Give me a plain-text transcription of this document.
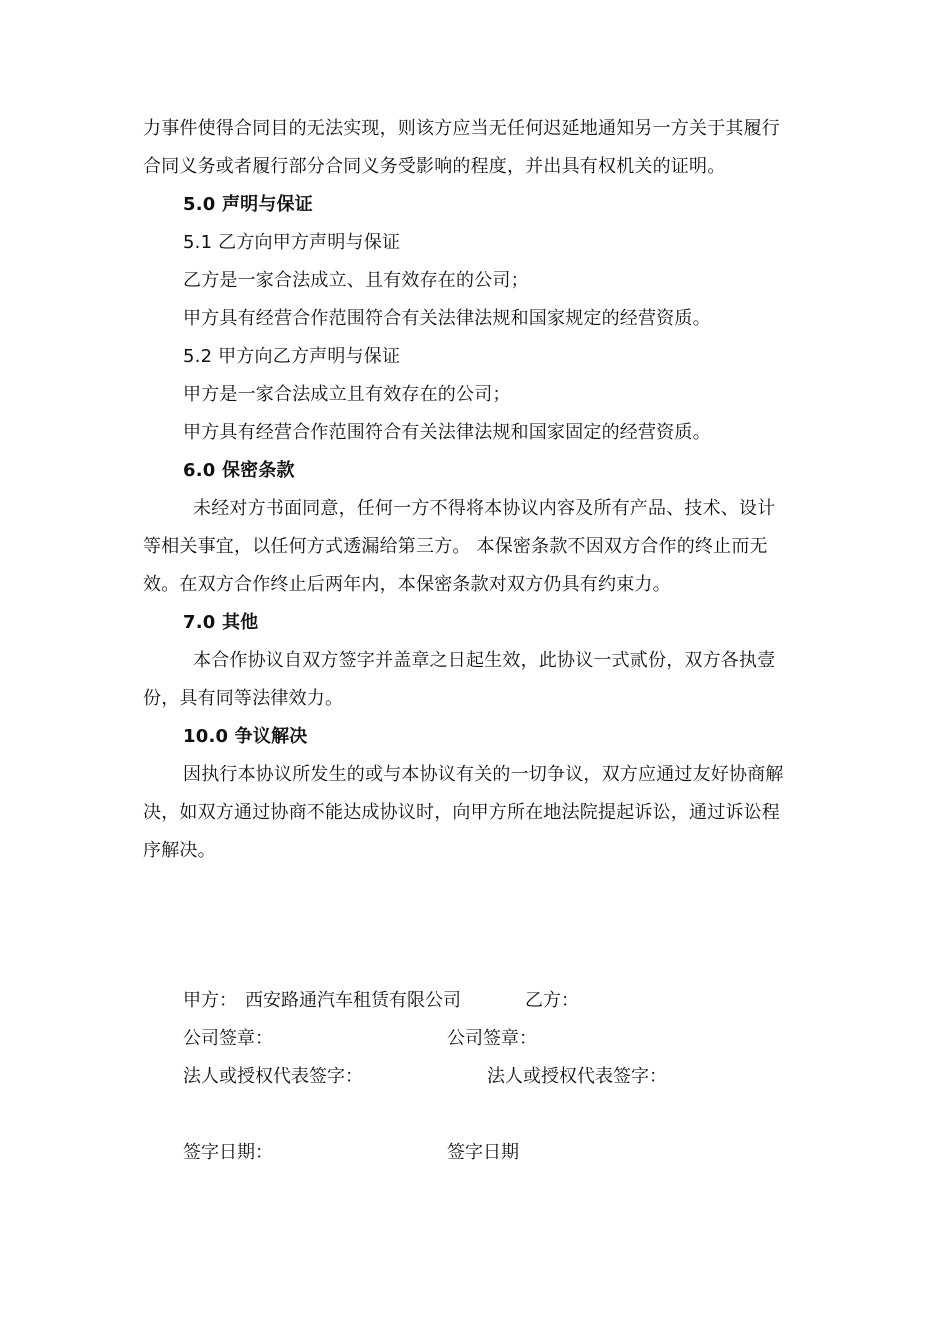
力事件使得合同目的无法实现，则该方应当无任何迟延地通知另一方关于其履行
合同义务或者履行部分合同义务受影响的程度，并出具有权机关的证明。
5.0 声明与保证
5.1 乙方向甲方声明与保证
乙方是一家合法成立、且有效存在的公司；
甲方具有经营合作范围符合有关法律法规和国家规定的经营资质。
5.2 甲方向乙方声明与保证
甲方是一家合法成立且有效存在的公司；
甲方具有经营合作范围符合有关法律法规和国家固定的经营资质。
6.0 保密条款
未经对方书面同意，任何一方不得将本协议内容及所有产品、技术、设计
等相关事宜，以任何方式透漏给第三方。 本保密条款不因双方合作的终止而无
效。在双方合作终止后两年内，本保密条款对双方仍具有约束力。
7.0 其他
本合作协议自双方签字并盖章之日起生效，此协议一式贰份，双方各执壹
份，具有同等法律效力。
10.0 争议解决
因执行本协议所发生的或与本协议有关的一切争议，双方应通过友好协商解
决，如双方通过协商不能达成协议时，向甲方所在地法院提起诉讼，通过诉讼程
序解决。
甲方： 西安路通汽车租赁有限公司	乙方：
公司签章：	公司签章：
法人或授权代表签字：	法人或授权代表签字：
签字日期：	签字日期
